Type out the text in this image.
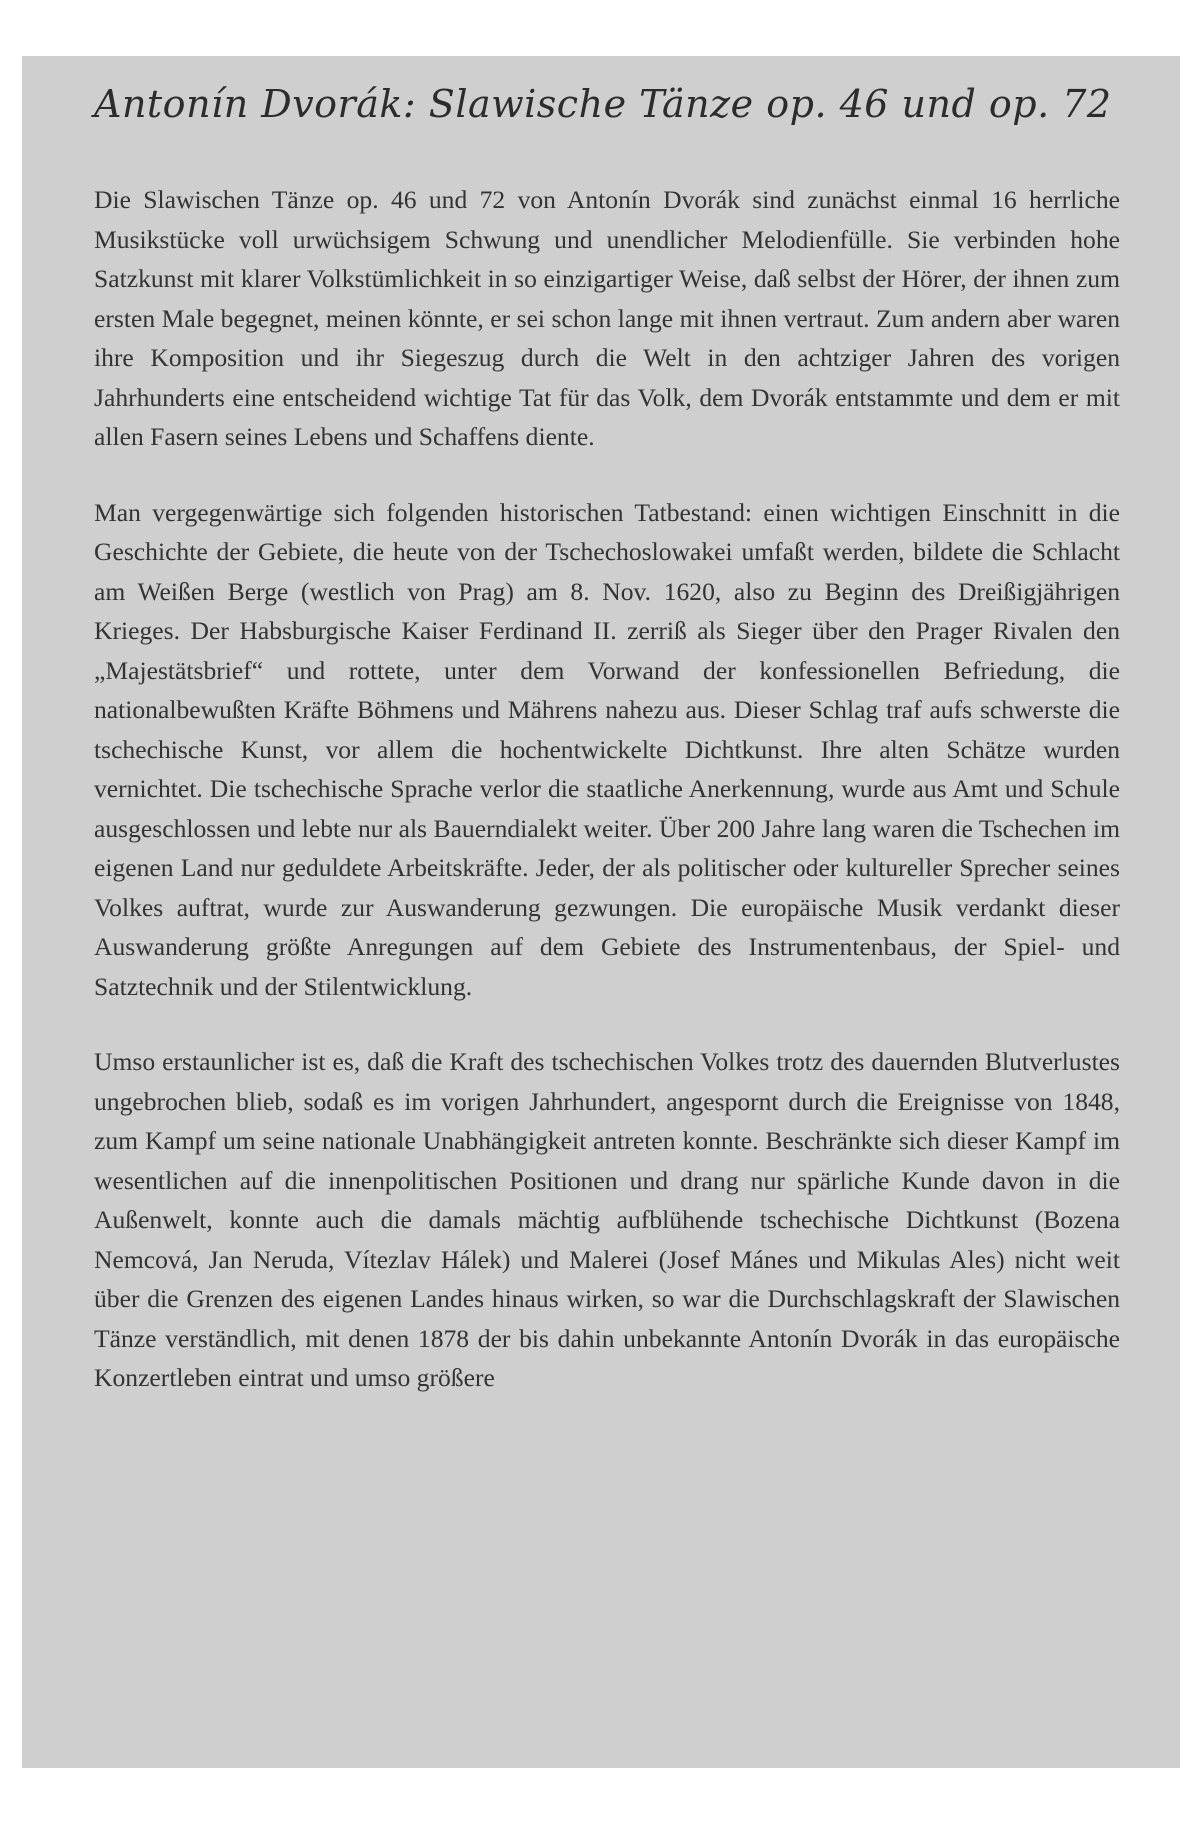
Antonín Dvorák: Slawische Tänze op. 46 und op. 72

Die Slawischen Tänze op. 46 und 72 von Antonín Dvorák sind zunächst einmal 16 herrliche Musikstücke voll urwüchsigem Schwung und unendlicher Melodienfülle. Sie verbinden hohe Satzkunst mit klarer Volkstümlichkeit in so einzigartiger Weise, daß selbst der Hörer, der ihnen zum ersten Male begegnet, meinen könnte, er sei schon lange mit ihnen vertraut. Zum andern aber waren ihre Komposition und ihr Siegeszug durch die Welt in den achtziger Jahren des vorigen Jahrhunderts eine entscheidend wichtige Tat für das Volk, dem Dvorák entstammte und dem er mit allen Fasern seines Lebens und Schaffens diente.

Man vergegenwärtige sich folgenden historischen Tatbestand: einen wichtigen Einschnitt in die Geschichte der Gebiete, die heute von der Tschechoslowakei umfaßt werden, bildete die Schlacht am Weißen Berge (westlich von Prag) am 8. Nov. 1620, also zu Beginn des Dreißigjährigen Krieges. Der Habsburgische Kaiser Ferdinand II. zerriß als Sieger über den Prager Rivalen den „Majestätsbrief“ und rottete, unter dem Vorwand der konfessionellen Befriedung, die nationalbewußten Kräfte Böhmens und Mährens nahezu aus. Dieser Schlag traf aufs schwerste die tschechische Kunst, vor allem die hochentwickelte Dichtkunst. Ihre alten Schätze wurden vernichtet. Die tschechische Sprache verlor die staatliche Anerkennung, wurde aus Amt und Schule ausgeschlossen und lebte nur als Bauerndialekt weiter. Über 200 Jahre lang waren die Tschechen im eigenen Land nur geduldete Arbeitskräfte. Jeder, der als politischer oder kultureller Sprecher seines Volkes auftrat, wurde zur Auswanderung gezwungen. Die europäische Musik verdankt dieser Auswanderung größte Anregungen auf dem Gebiete des Instrumentenbaus, der Spiel- und Satztechnik und der Stilentwicklung.

Umso erstaunlicher ist es, daß die Kraft des tschechischen Volkes trotz des dauernden Blutverlustes ungebrochen blieb, sodaß es im vorigen Jahrhundert, angespornt durch die Ereignisse von 1848, zum Kampf um seine nationale Unabhängigkeit antreten konnte. Beschränkte sich dieser Kampf im wesentlichen auf die innenpolitischen Positionen und drang nur spärliche Kunde davon in die Außenwelt, konnte auch die damals mächtig aufblühende tschechische Dichtkunst (Bozena Nemcová, Jan Neruda, Vítezlav Hálek) und Malerei (Josef Mánes und Mikulas Ales) nicht weit über die Grenzen des eigenen Landes hinaus wirken, so war die Durchschlagskraft der Slawischen Tänze verständlich, mit denen 1878 der bis dahin unbekannte Antonín Dvorák in das europäische Konzertleben eintrat und umso größere
